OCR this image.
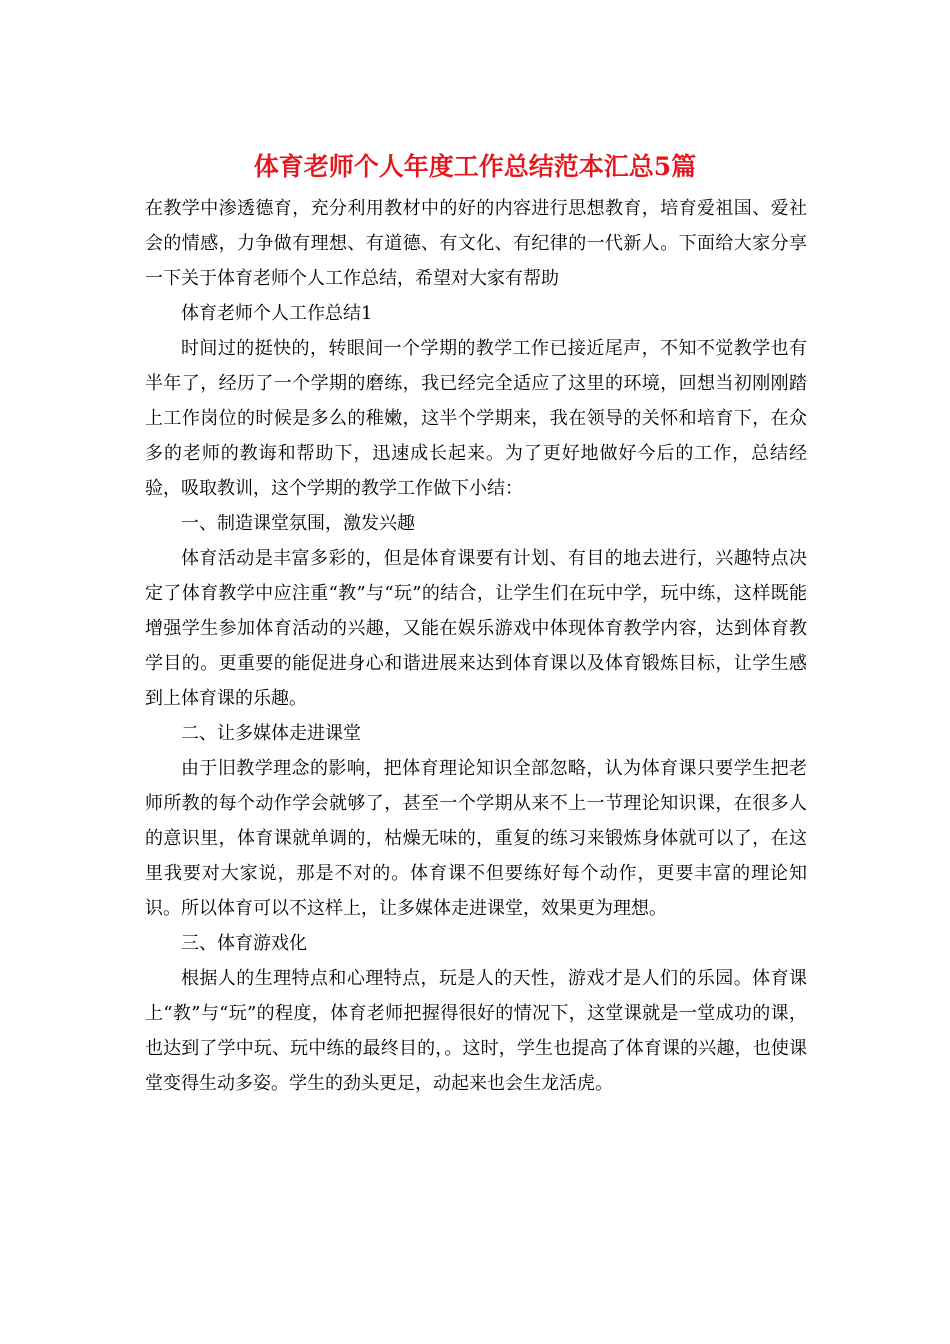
体育老师个人年度工作总结范本汇总5篇

在教学中渗透德育，充分利用教材中的好的内容进行思想教育，培育爱祖国、爱社会的情感，力争做有理想、有道德、有文化、有纪律的一代新人。下面给大家分享一下关于体育老师个人工作总结，希望对大家有帮助

体育老师个人工作总结1

时间过的挺快的，转眼间一个学期的教学工作已接近尾声，不知不觉教学也有半年了，经历了一个学期的磨练，我已经完全适应了这里的环境，回想当初刚刚踏上工作岗位的时候是多么的稚嫩，这半个学期来，我在领导的关怀和培育下，在众多的老师的教诲和帮助下，迅速成长起来。为了更好地做好今后的工作，总结经验，吸取教训，这个学期的教学工作做下小结：

一、制造课堂氛围，激发兴趣

体育活动是丰富多彩的，但是体育课要有计划、有目的地去进行，兴趣特点决定了体育教学中应注重“教”与“玩”的结合，让学生们在玩中学，玩中练，这样既能增强学生参加体育活动的兴趣，又能在娱乐游戏中体现体育教学内容，达到体育教学目的。更重要的能促进身心和谐进展来达到体育课以及体育锻炼目标，让学生感到上体育课的乐趣。

二、让多媒体走进课堂

由于旧教学理念的影响，把体育理论知识全部忽略，认为体育课只要学生把老师所教的每个动作学会就够了，甚至一个学期从来不上一节理论知识课，在很多人的意识里，体育课就单调的，枯燥无味的，重复的练习来锻炼身体就可以了，在这里我要对大家说，那是不对的。体育课不但要练好每个动作，更要丰富的理论知识。所以体育可以不这样上，让多媒体走进课堂，效果更为理想。

三、体育游戏化

根据人的生理特点和心理特点，玩是人的天性，游戏才是人们的乐园。体育课上“教”与“玩”的程度，体育老师把握得很好的情况下，这堂课就是一堂成功的课，也达到了学中玩、玩中练的最终目的，。这时，学生也提高了体育课的兴趣，也使课堂变得生动多姿。学生的劲头更足，动起来也会生龙活虎。
